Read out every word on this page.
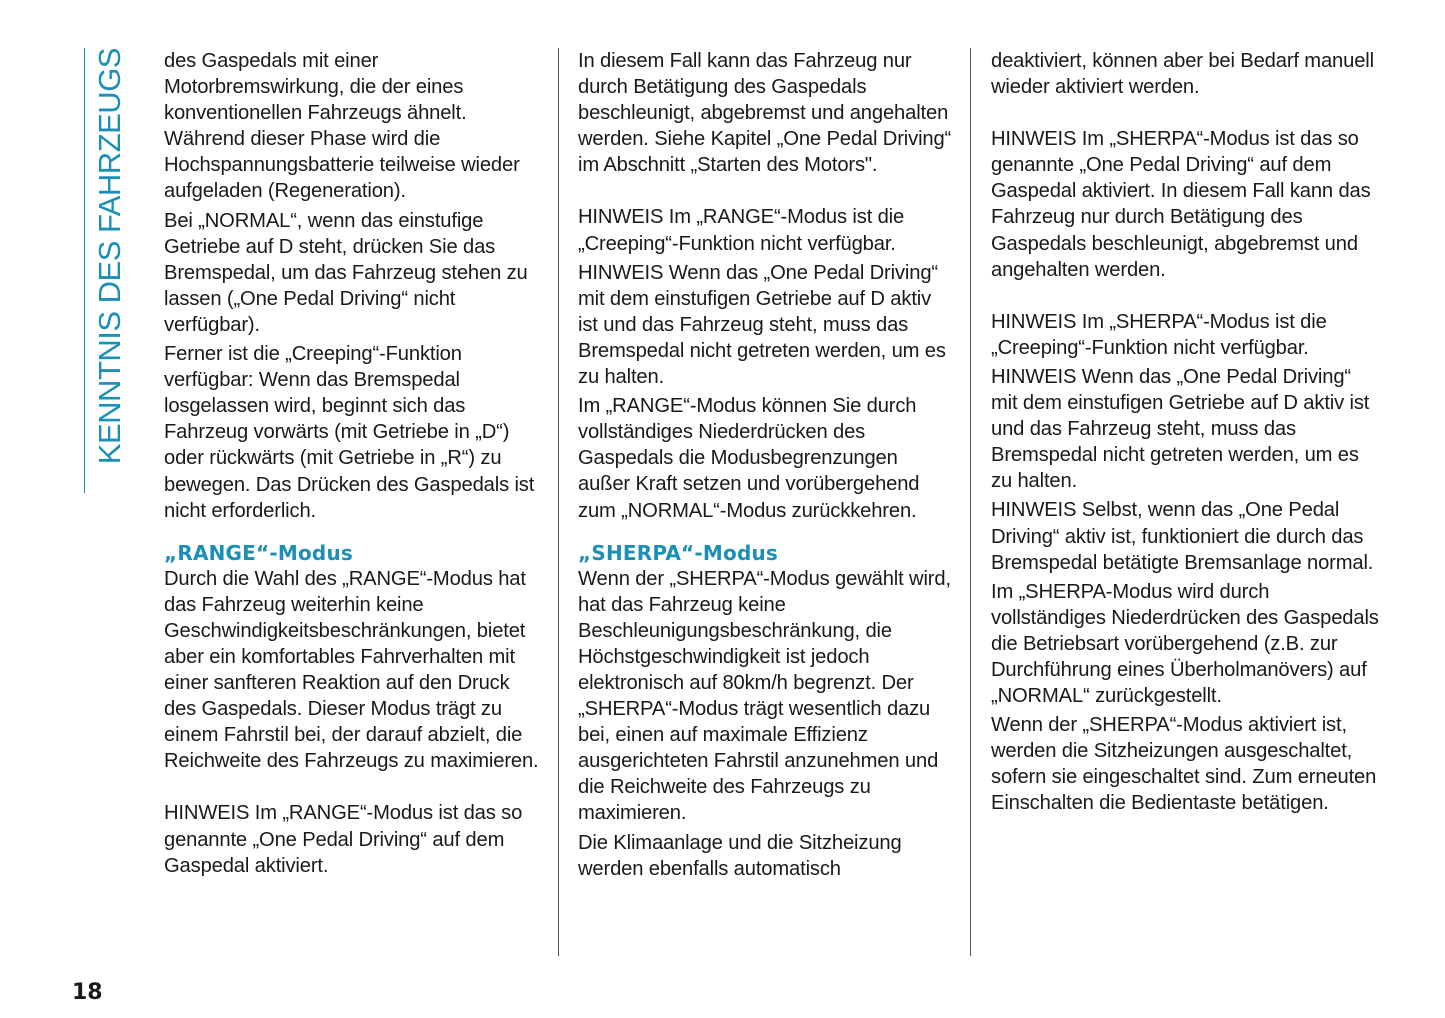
KENNTNIS DES FAHRZEUGS des Gaspedals mit einer Motorbremswirkung, die der eines konventionellen Fahrzeugs ähnelt. Während dieser Phase wird die Hochspannungsbatterie teilweise wieder aufgeladen (Regeneration).

Bei „NORMAL“, wenn das einstufige Getriebe auf D steht, drücken Sie das Bremspedal, um das Fahrzeug stehen zu lassen („One Pedal Driving“ nicht verfügbar).

Ferner ist die „Creeping“-Funktion verfügbar: Wenn das Bremspedal losgelassen wird, beginnt sich das Fahrzeug vorwärts (mit Getriebe in „D“) oder rückwärts (mit Getriebe in „R“) zu bewegen. Das Drücken des Gaspedals ist nicht erforderlich.

„RANGE“-Modus

Durch die Wahl des „RANGE“-Modus hat das Fahrzeug weiterhin keine Geschwindigkeitsbeschränkungen, bietet aber ein komfortables Fahrverhalten mit einer sanfteren Reaktion auf den Druck des Gaspedals. Dieser Modus trägt zu einem Fahrstil bei, der darauf abzielt, die Reichweite des Fahrzeugs zu maximieren.

HINWEIS Im „RANGE“-Modus ist das so genannte „One Pedal Driving“ auf dem Gaspedal aktiviert.

In diesem Fall kann das Fahrzeug nur durch Betätigung des Gaspedals beschleunigt, abgebremst und angehalten werden. Siehe Kapitel „One Pedal Driving“ im Abschnitt „Starten des Motors".

HINWEIS Im „RANGE“-Modus ist die „Creeping“-Funktion nicht verfügbar.

HINWEIS Wenn das „One Pedal Driving“ mit dem einstufigen Getriebe auf D aktiv ist und das Fahrzeug steht, muss das Bremspedal nicht getreten werden, um es zu halten.

Im „RANGE“-Modus können Sie durch vollständiges Niederdrücken des Gaspedals die Modusbegrenzungen außer Kraft setzen und vorübergehend zum „NORMAL“-Modus zurückkehren.

„SHERPA“-Modus

Wenn der „SHERPA“-Modus gewählt wird, hat das Fahrzeug keine Beschleunigungsbeschränkung, die Höchstgeschwindigkeit ist jedoch elektronisch auf 80km/h begrenzt. Der „SHERPA“-Modus trägt wesentlich dazu bei, einen auf maximale Effizienz ausgerichteten Fahrstil anzunehmen und die Reichweite des Fahrzeugs zu maximieren.

Die Klimaanlage und die Sitzheizung werden ebenfalls automatisch

deaktiviert, können aber bei Bedarf manuell wieder aktiviert werden.

HINWEIS Im „SHERPA“-Modus ist das so genannte „One Pedal Driving“ auf dem Gaspedal aktiviert. In diesem Fall kann das Fahrzeug nur durch Betätigung des Gaspedals beschleunigt, abgebremst und angehalten werden.

HINWEIS Im „SHERPA“-Modus ist die „Creeping“-Funktion nicht verfügbar.

HINWEIS Wenn das „One Pedal Driving“ mit dem einstufigen Getriebe auf D aktiv ist und das Fahrzeug steht, muss das Bremspedal nicht getreten werden, um es zu halten.

HINWEIS Selbst, wenn das „One Pedal Driving“ aktiv ist, funktioniert die durch das Bremspedal betätigte Bremsanlage normal.

Im „SHERPA-Modus wird durch vollständiges Niederdrücken des Gaspedals die Betriebsart vorübergehend (z.B. zur Durchführung eines Überholmanövers) auf „NORMAL“ zurückgestellt.

Wenn der „SHERPA“-Modus aktiviert ist, werden die Sitzheizungen ausgeschaltet, sofern sie eingeschaltet sind. Zum erneuten Einschalten die Bedientaste betätigen.

18
